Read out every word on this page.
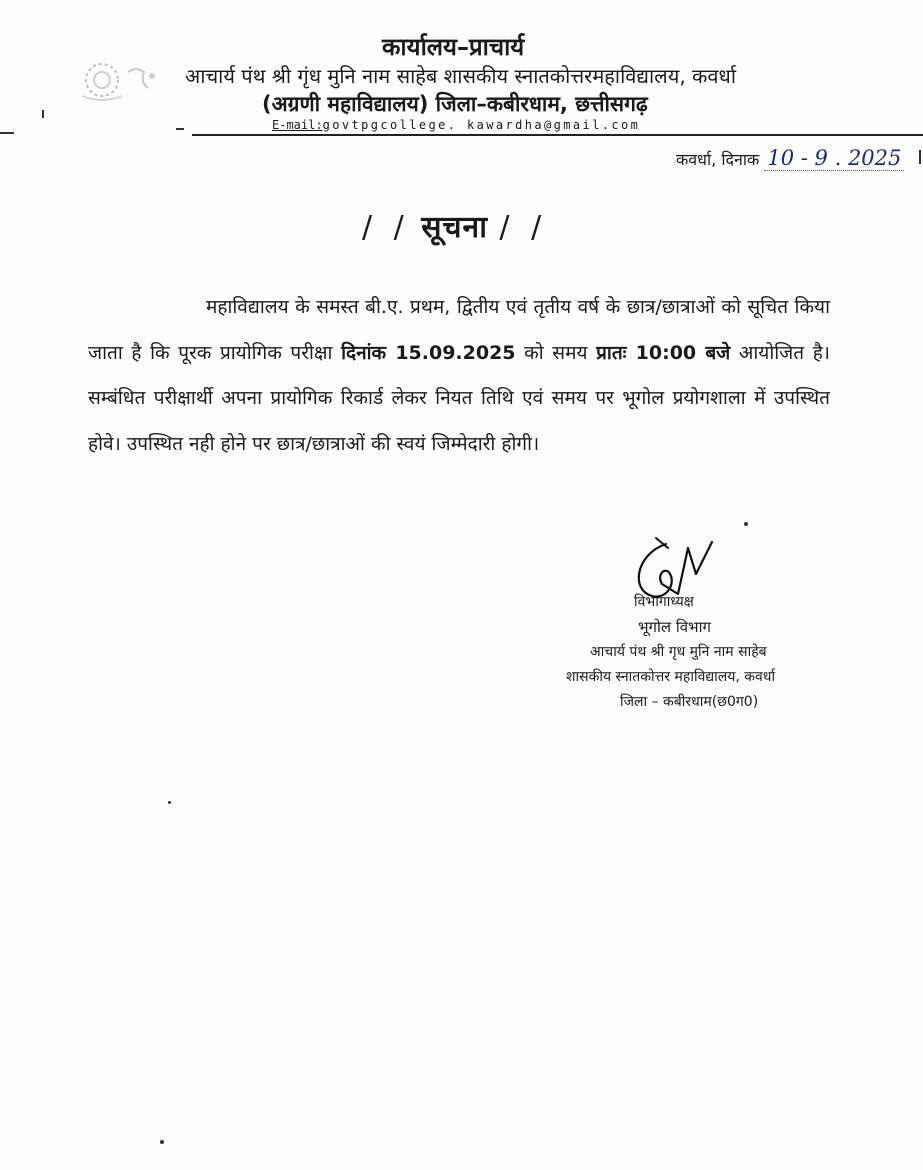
कार्यालय–प्राचार्य
आचार्य पंथ श्री गृंध मुनि नाम साहेब शासकीय स्नातकोत्तरमहाविद्यालय, कवर्धा
(अग्रणी महाविद्यालय) जिला–कबीरधाम, छत्तीसगढ़
E-mail:govtpgcollege. kawardha@gmail.com
कवर्धा, दिनाक 10 - 9 . 2025
/ / सूचना / /
महाविद्यालय के समस्त बी.ए. प्रथम, द्वितीय एवं तृतीय वर्ष के छात्र/छात्राओं को सूचित किया जाता है कि पूरक प्रायोगिक परीक्षा दिनांक 15.09.2025 को समय प्रातः 10:00 बजे आयोजित है। सम्बंधित परीक्षार्थी अपना प्रायोगिक रिकार्ड लेकर नियत तिथि एवं समय पर भूगोल प्रयोगशाला में उपस्थित होवे। उपस्थित नही होने पर छात्र/छात्राओं की स्वयं जिम्मेदारी होगी।
विभागाध्यक्ष
भूगोल विभाग
आचार्य पंथ श्री गृध मुनि नाम साहेब
शासकीय स्नातकोत्तर महाविद्यालय, कवर्धा
जिला – कबीरधाम(छ0ग0)
